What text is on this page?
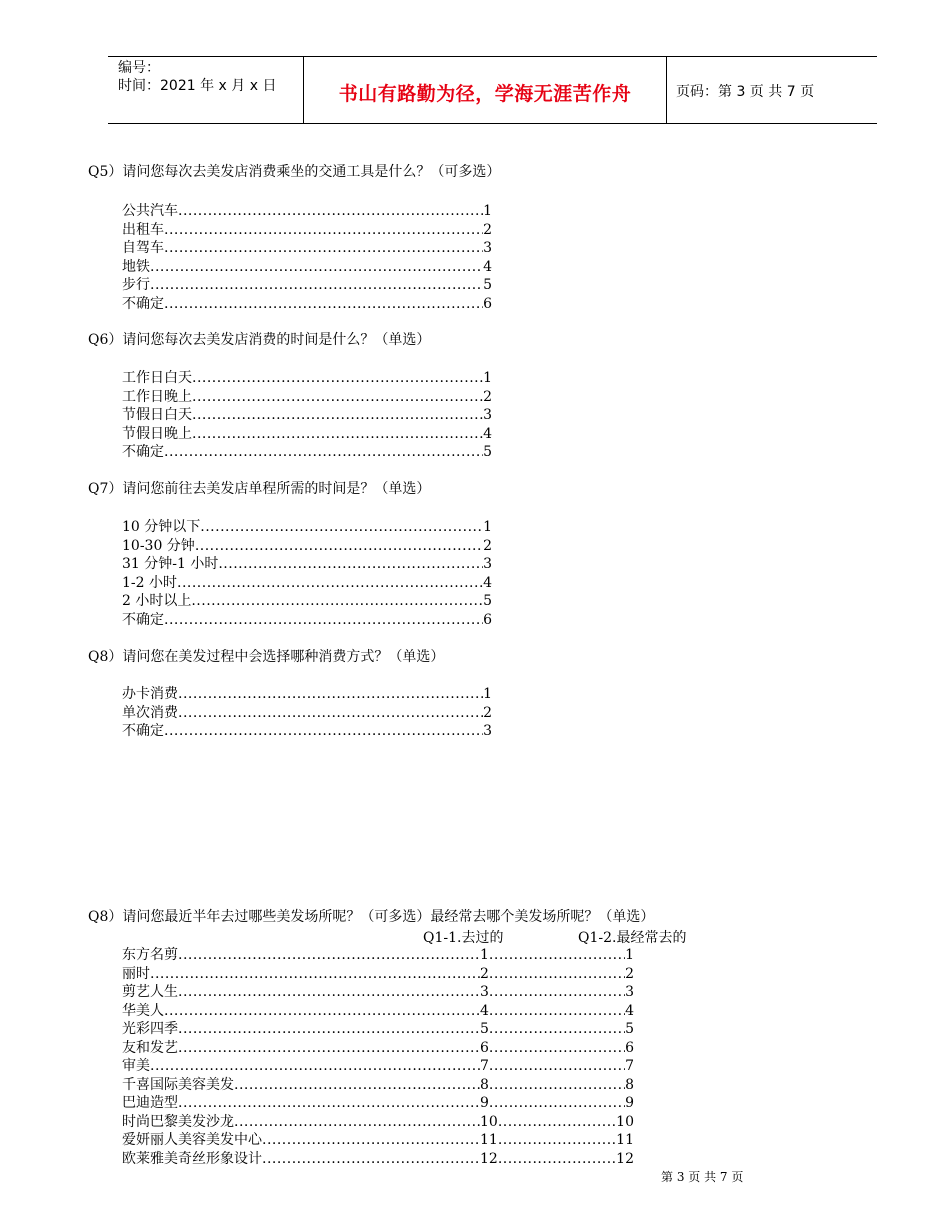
编号：
时间：2021 年 x 月 x 日	书山有路勤为径，学海无涯苦作舟	页码：第 3 页 共 7 页
Q5）请问您每次去美发店消费乘坐的交通工具是什么？（可多选）
公共汽车 .....	1
出租车 .....	2
自驾车 .....	3
地铁 .....	4
步行 .....	5
不确定 .....	6
Q6）请问您每次去美发店消费的时间是什么？（单选）
工作日白天 .....	1
工作日晚上 .....	2
节假日白天 .....	3
节假日晚上 .....	4
不确定 .....	5
Q7）请问您前往去美发店单程所需的时间是？（单选）
10 分钟以下 .....	1
10-30 分钟 .....	2
31 分钟-1 小时 .....	3
1-2 小时 .....	4
2 小时以上 .....	5
不确定 .....	6
Q8）请问您在美发过程中会选择哪种消费方式？（单选）
办卡消费 .....	1
单次消费 .....	2
不确定 .....	3
Q8）请问您最近半年去过哪些美发场所呢？（可多选）最经常去哪个美发场所呢？（单选）
Q1-1.去过的	Q1-2.最经常去的
东方名剪 .....	1 .....	1
丽时 .....	2 .....	2
剪艺人生 .....	3 .....	3
华美人 .....	4 .....	4
光彩四季 .....	5 .....	5
友和发艺 .....	6 .....	6
审美 .....	7 .....	7
千喜国际美容美发 .....	8 .....	8
巴迪造型 .....	9 .....	9
时尚巴黎美发沙龙 .....	10 .....	10
爱妍丽人美容美发中心 .....	11 .....	11
欧莱雅美奇丝形象设计 .....	12 .....	12
第 3 页 共 7 页
